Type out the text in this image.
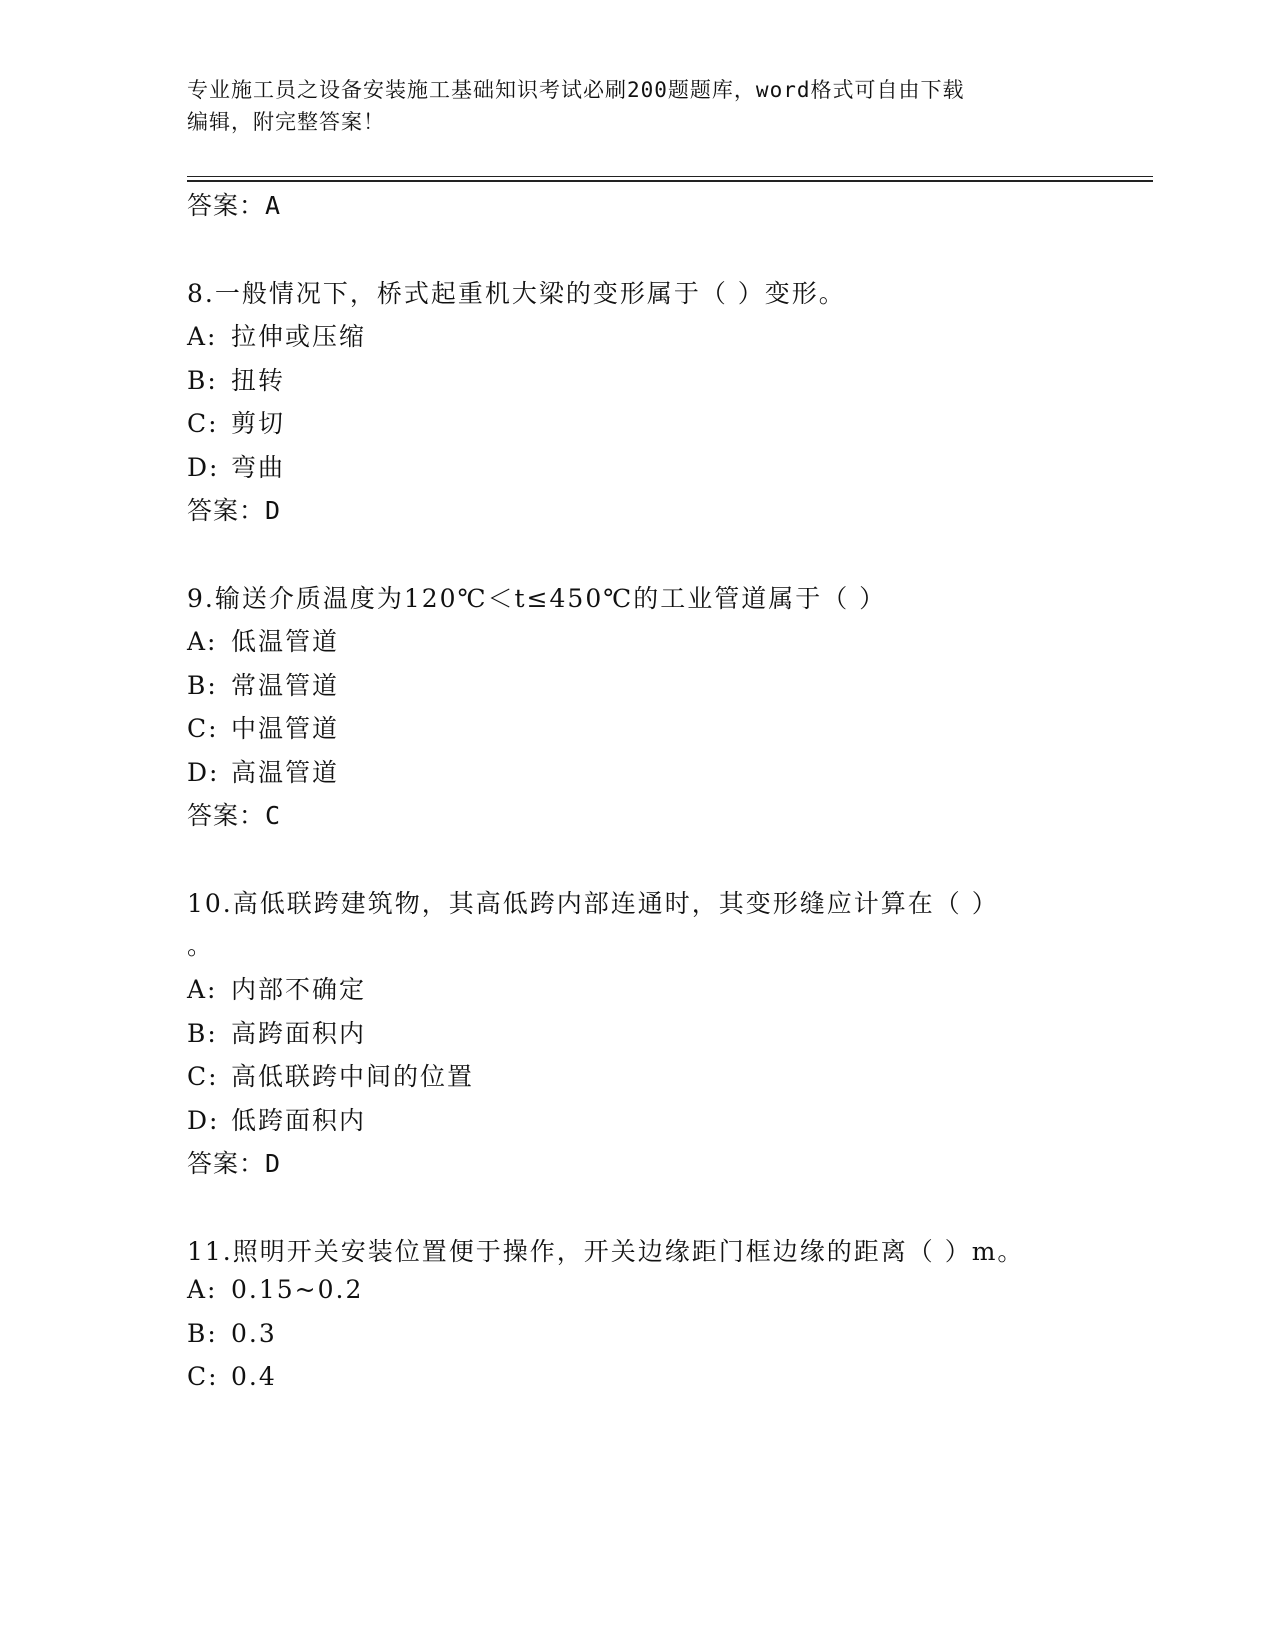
专业施工员之设备安装施工基础知识考试必刷200题题库，word格式可自由下载
编辑，附完整答案！
答案：A
8.一般情况下，桥式起重机大梁的变形属于（ ）变形。
A: 拉伸或压缩
B: 扭转
C: 剪切
D: 弯曲
答案：D
9.输送介质温度为120℃＜t≤450℃的工业管道属于（ ）
A: 低温管道
B: 常温管道
C: 中温管道
D: 高温管道
答案：C
10.高低联跨建筑物，其高低跨内部连通时，其变形缝应计算在（ ）
。
A: 内部不确定
B: 高跨面积内
C: 高低联跨中间的位置
D: 低跨面积内
答案：D
11.照明开关安装位置便于操作，开关边缘距门框边缘的距离（ ）m。
A: 0.15~0.2
B: 0.3
C: 0.4
